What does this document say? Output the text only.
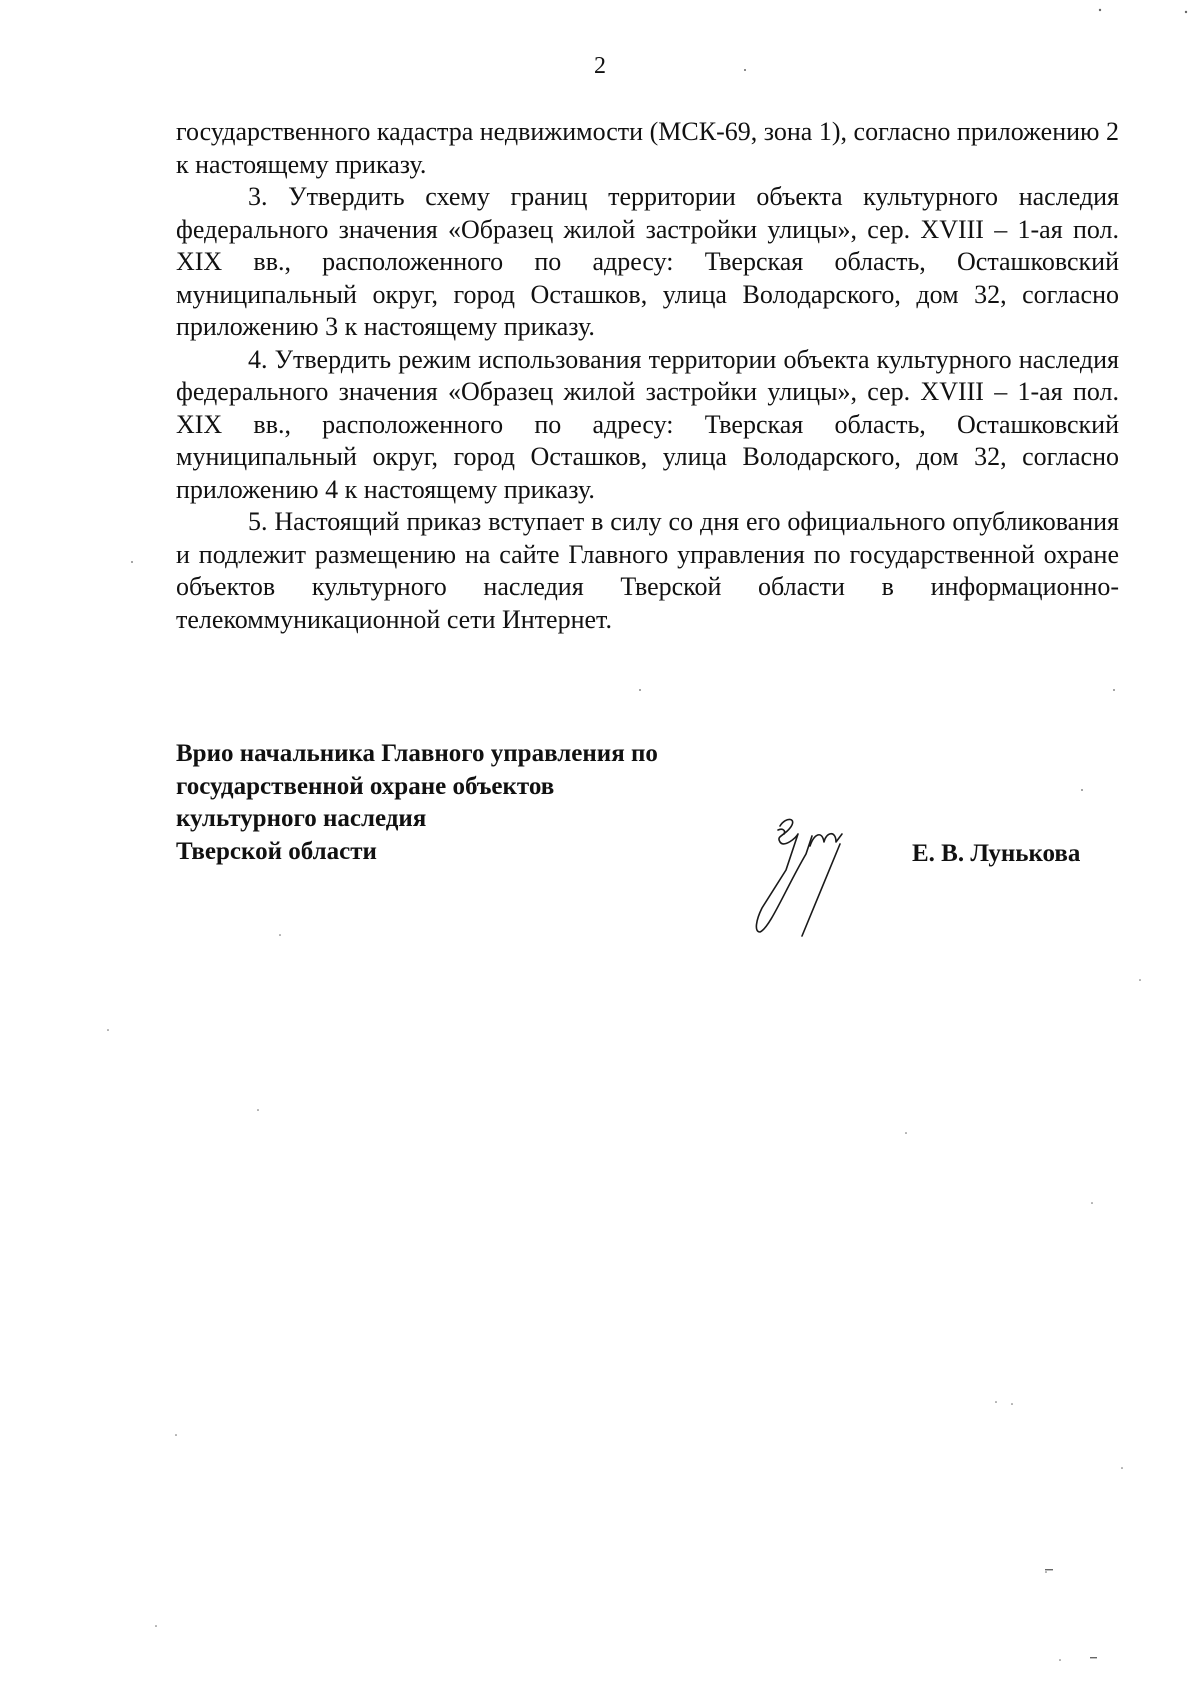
2

государственного кадастра недвижимости (МСК-69, зона 1), согласно приложению 2 к настоящему приказу.

3. Утвердить схему границ территории объекта культурного наследия федерального значения «Образец жилой застройки улицы», сер. XVIII – 1-ая пол. XIX вв., расположенного по адресу: Тверская область, Осташковский муниципальный округ, город Осташков, улица Володарского, дом 32, согласно приложению 3 к настоящему приказу.

4. Утвердить режим использования территории объекта культурного наследия федерального значения «Образец жилой застройки улицы», сер. XVIII – 1-ая пол. XIX вв., расположенного по адресу: Тверская область, Осташковский муниципальный округ, город Осташков, улица Володарского, дом 32, согласно приложению 4 к настоящему приказу.

5. Настоящий приказ вступает в силу со дня его официального опубликования и подлежит размещению на сайте Главного управления по государственной охране объектов культурного наследия Тверской области в информационно-телекоммуникационной сети Интернет.

Врио начальника Главного управления по
государственной охране объектов
культурного наследия
Тверской области	Е. В. Лунькова
